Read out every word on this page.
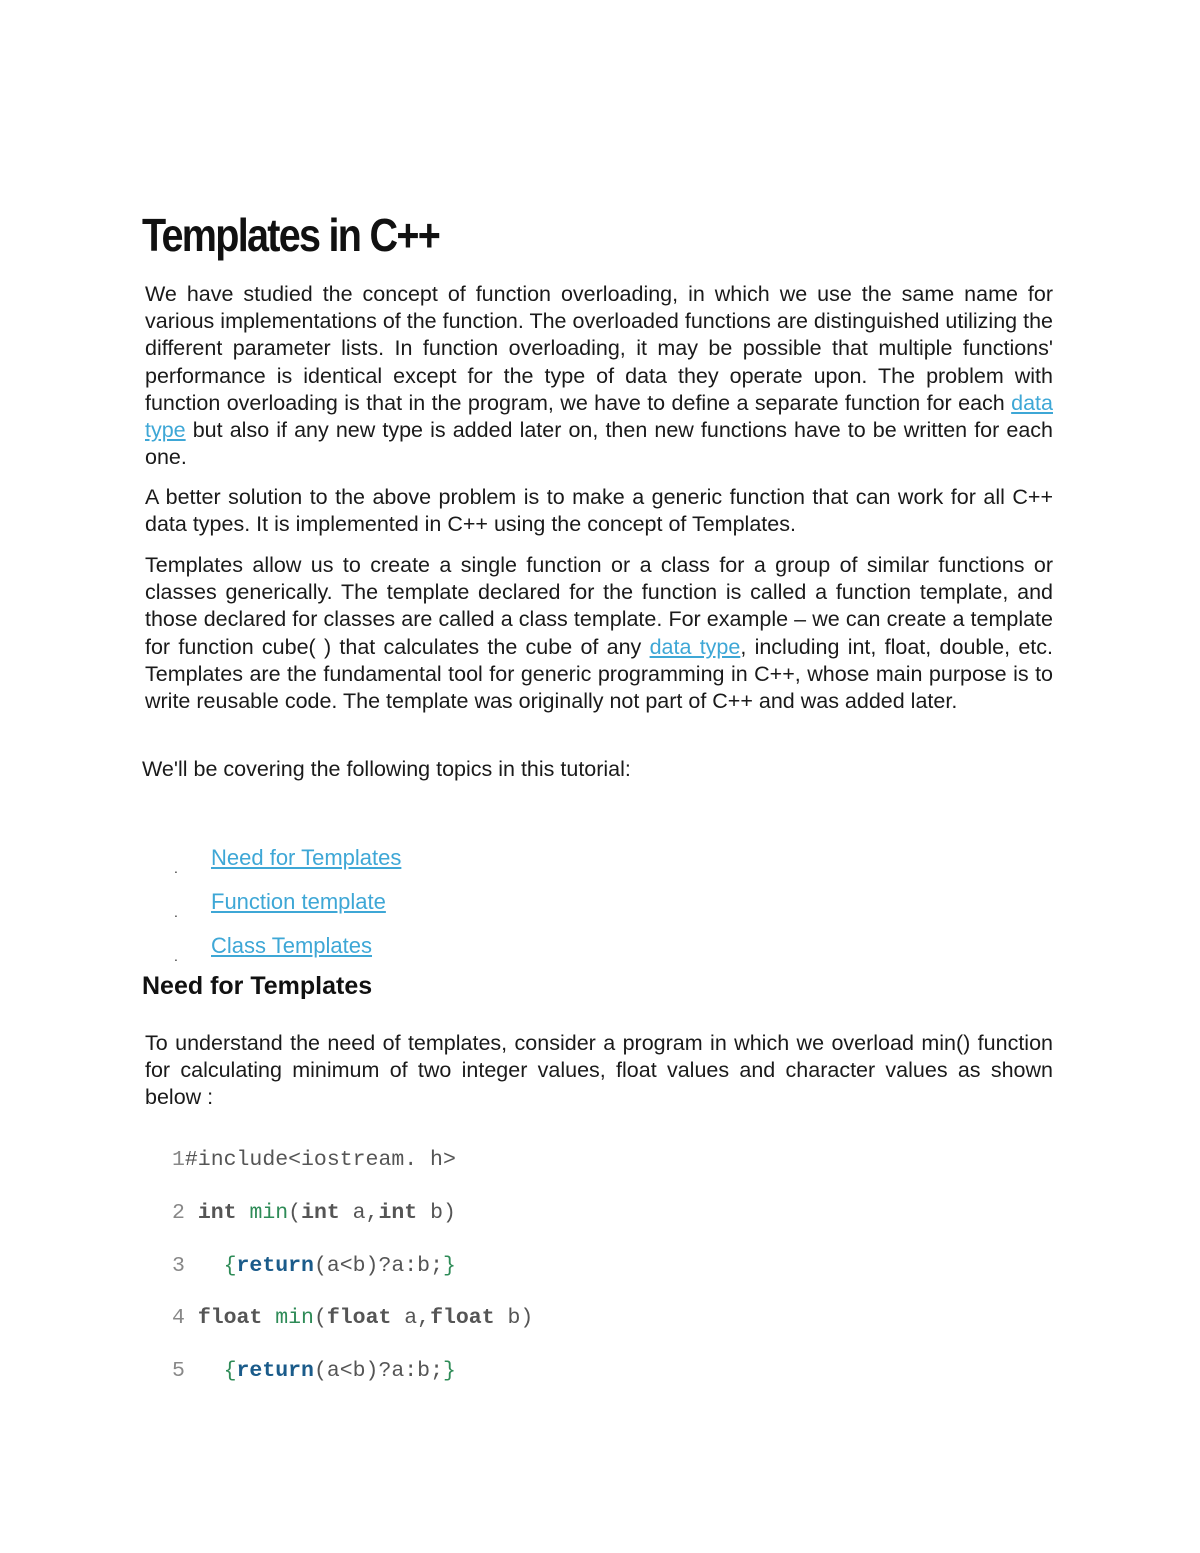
Templates in C++

We have studied the concept of function overloading, in which we use the same name for various implementations of the function. The overloaded functions are distinguished utilizing the different parameter lists. In function overloading, it may be possible that multiple functions' performance is identical except for the type of data they operate upon. The problem with function overloading is that in the program, we have to define a separate function for each data type but also if any new type is added later on, then new functions have to be written for each one.

A better solution to the above problem is to make a generic function that can work for all C++ data types. It is implemented in C++ using the concept of Templates.

Templates allow us to create a single function or a class for a group of similar functions or classes generically. The template declared for the function is called a function template, and those declared for classes are called a class template. For example – we can create a template for function cube( ) that calculates the cube of any data type, including int, float, double, etc. Templates are the fundamental tool for generic programming in C++, whose main purpose is to write reusable code. The template was originally not part of C++ and was added later.

We'll be covering the following topics in this tutorial:

. Need for Templates
. Function template
. Class Templates
Need for Templates

To understand the need of templates, consider a program in which we overload min() function for calculating minimum of two integer values, float values and character values as shown below :

1#include<iostream. h>
2 int min(int a,int b)
3 {return(a<b)?a:b;}
4 float min(float a,float b)
5 {return(a<b)?a:b;}
